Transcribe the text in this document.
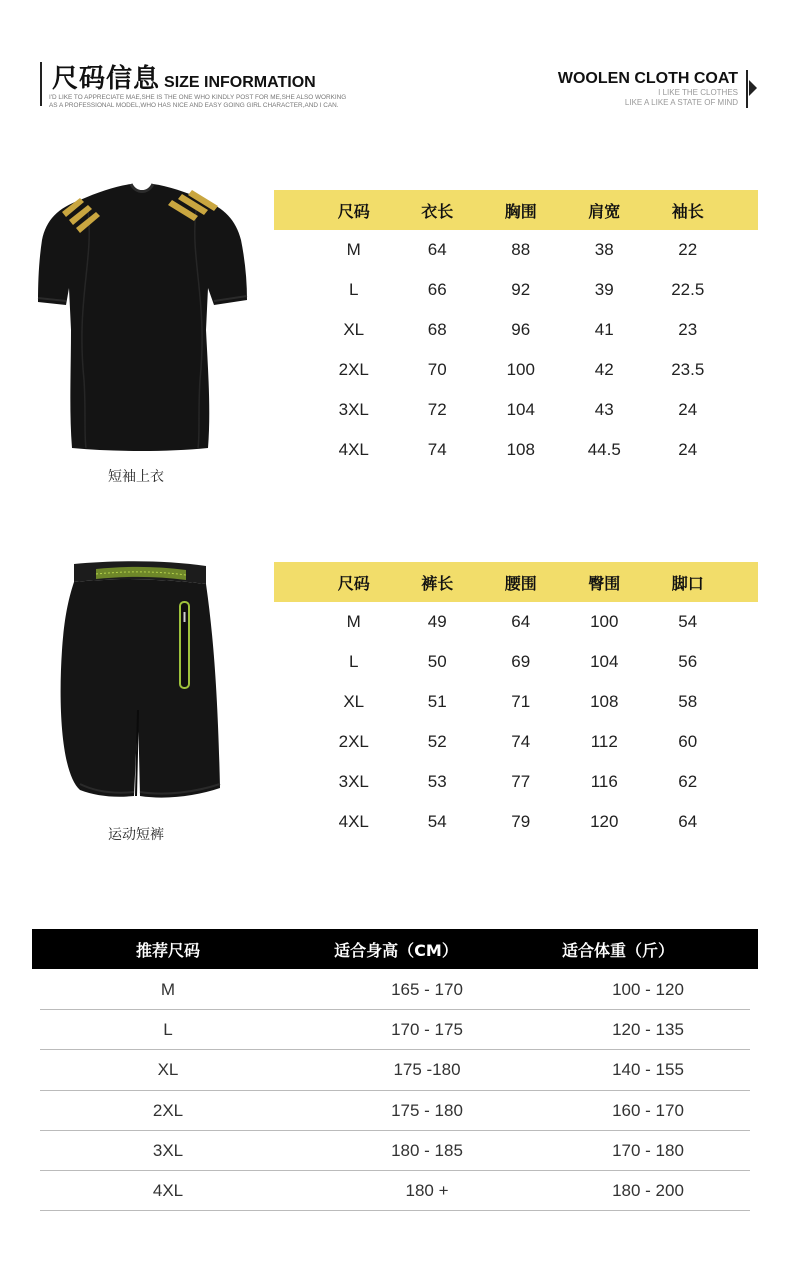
尺码信息 SIZE INFORMATION
I'D LIKE TO APPRECIATE MAE,SHE IS THE ONE WHO KINDLY POST FOR ME,SHE ALSO WORKING
AS A PROFESSIONAL MODEL,WHO HAS NICE AND EASY GOING GIRL CHARACTER,AND I CAN.
WOOLEN CLOTH COAT
I LIKE THE CLOTHES
LIKE A LIKE A STATE OF MIND
短袖上衣
尺码	衣长	胸围	肩宽	袖长
M	64	88	38	22
L	66	92	39	22.5
XL	68	96	41	23
2XL	70	100	42	23.5
3XL	72	104	43	24
4XL	74	108	44.5	24
运动短裤
尺码	裤长	腰围	臀围	脚口
M	49	64	100	54
L	50	69	104	56
XL	51	71	108	58
2XL	52	74	112	60
3XL	53	77	116	62
4XL	54	79	120	64
推荐尺码	适合身高（CM）	适合体重（斤）
M	165 - 170	100 - 120
L	170 - 175	120 - 135
XL	175 -180	140 - 155
2XL	175 - 180	160 - 170
3XL	180 - 185	170 - 180
4XL	180 +	180 - 200
